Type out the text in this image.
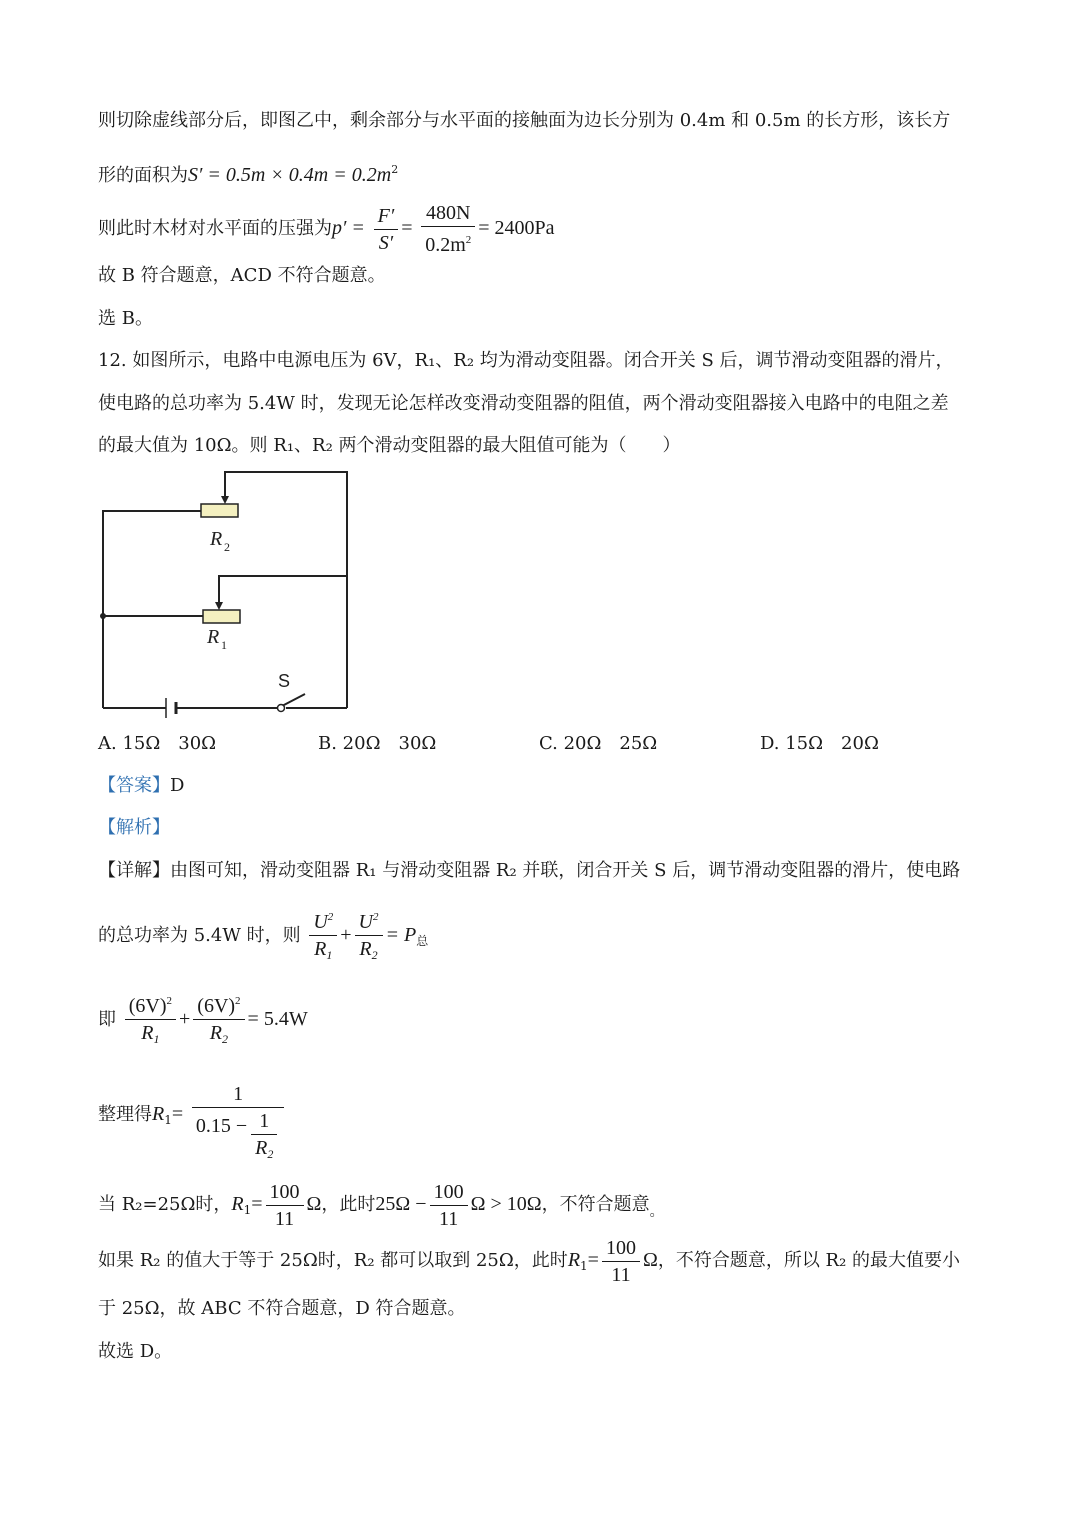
则切除虚线部分后，即图乙中，剩余部分与水平面的接触面为边长分别为 0.4m 和 0.5m 的长方形，该长方
形的面积为$S' = 0.5m \times 0.4m = 0.2m^2$
则此时木材对水平面的压强为$p' = \frac{F'}{S'} = \frac{480N}{0.2m^2} = 2400Pa$
故 B 符合题意，ACD 不符合题意。
选 B。
12. 如图所示，电路中电源电压为 6V，R₁、R₂ 均为滑动变阻器。闭合开关 S 后，调节滑动变阻器的滑片，
使电路的总功率为 5.4W 时，发现无论怎样改变滑动变阻器的阻值，两个滑动变阻器接入电路中的电阻之差
的最大值为 10Ω。则 R₁、R₂ 两个滑动变阻器的最大阻值可能为（　　）
R 2
R 1
S
A. 15Ω　30Ω	B. 20Ω　30Ω	C. 20Ω　25Ω	D. 15Ω　20Ω
【答案】D
【解析】
【详解】由图可知，滑动变阻器 R₁ 与滑动变阻器 R₂ 并联，闭合开关 S 后，调节滑动变阻器的滑片，使电路
的总功率为 5.4W 时，则 $\frac{U^2}{R_1} + \frac{U^2}{R_2} = P_总$
即 $\frac{(6V)^2}{R_1} + \frac{(6V)^2}{R_2} = 5.4W$
整理得$R_1= \frac{1}{0.15 - \frac{1}{R_2}}$
当 R₂=25Ω时，$R_1= \frac{100}{11}$ Ω，此时$25\Omega - \frac{100}{11}$ Ω > 10Ω，不符合题意$_。$
如果 R₂ 的值大于等于 25Ω时，R₂ 都可以取到 25Ω，此时$R_1= \frac{100}{11}$ Ω，不符合题意，所以 R₂ 的最大值要小
于 25Ω，故 ABC 不符合题意，D 符合题意。
故选 D。
